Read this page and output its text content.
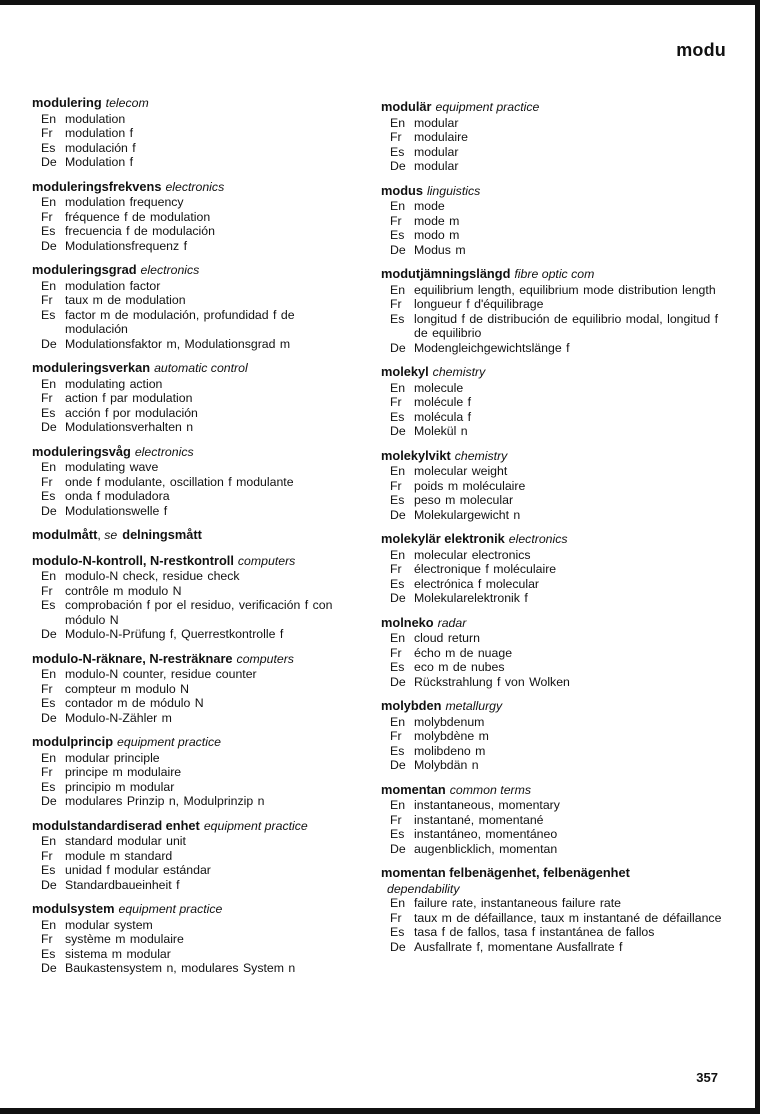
modu
modulering telecom
En modulation
Fr	modulation f
Es modulación f
De Modulation f
moduleringsfrekvens electronics
En modulation frequency
Fr	fréquence f de modulation
Es frecuencia f de modulación
De Modulationsfrequenz f
moduleringsgrad electronics
En modulation factor
Fr	taux m de modulation
Es factor m de modulación, profundidad f de modulación
De Modulationsfaktor m, Modulationsgrad m
moduleringsverkan automatic control
En modulating action
Fr	action f par modulation
Es acción f por modulación
De Modulationsverhalten n
moduleringsvåg electronics
En modulating wave
Fr	onde f modulante, oscillation f modulante
Es onda f moduladora
De Modulationswelle f
modulmått, se delningsmått
modulo-N-kontroll, N-restkontroll computers
En modulo-N check, residue check
Fr	contrôle m modulo N
Es comprobación f por el residuo, verificación f con módulo N
De Modulo-N-Prüfung f, Querrestkontrolle f
modulo-N-räknare, N-resträknare computers
En modulo-N counter, residue counter
Fr	compteur m modulo N
Es contador m de módulo N
De Modulo-N-Zähler m
modulprincip equipment practice
En modular principle
Fr	principe m modulaire
Es principio m modular
De modulares Prinzip n, Modulprinzip n
modulstandardiserad enhet equipment practice
En standard modular unit
Fr	module m standard
Es unidad f modular estándar
De Standardbaueinheit f
modulsystem equipment practice
En modular system
Fr	système m modulaire
Es sistema m modular
De Baukastensystem n, modulares System n
modulär equipment practice
En modular
Fr	modulaire
Es modular
De modular
modus linguistics
En mode
Fr	mode m
Es modo m
De Modus m
modutjämningslängd fibre optic com
En equilibrium length, equilibrium mode distribution length
Fr	longueur f d'équilibrage
Es longitud f de distribución de equilibrio modal, longitud f de equilibrio
De Modengleichgewichtslänge f
molekyl chemistry
En molecule
Fr	molécule f
Es molécula f
De Molekül n
molekylvikt chemistry
En molecular weight
Fr	poids m moléculaire
Es peso m molecular
De Molekulargewicht n
molekylär elektronik electronics
En molecular electronics
Fr	électronique f moléculaire
Es electrónica f molecular
De Molekularelektronik f
molneko radar
En cloud return
Fr	écho m de nuage
Es eco m de nubes
De Rückstrahlung f von Wolken
molybden metallurgy
En molybdenum
Fr	molybdène m
Es molibdeno m
De Molybdän n
momentan common terms
En instantaneous, momentary
Fr	instantané, momentané
Es instantáneo, momentáneo
De augenblicklich, momentan
momentan felbenägenhet, felbenägenhet
dependability
En failure rate, instantaneous failure rate
Fr	taux m de défaillance, taux m instantané de défaillance
Es tasa f de fallos, tasa f instantánea de fallos
De Ausfallrate f, momentane Ausfallrate f
357
